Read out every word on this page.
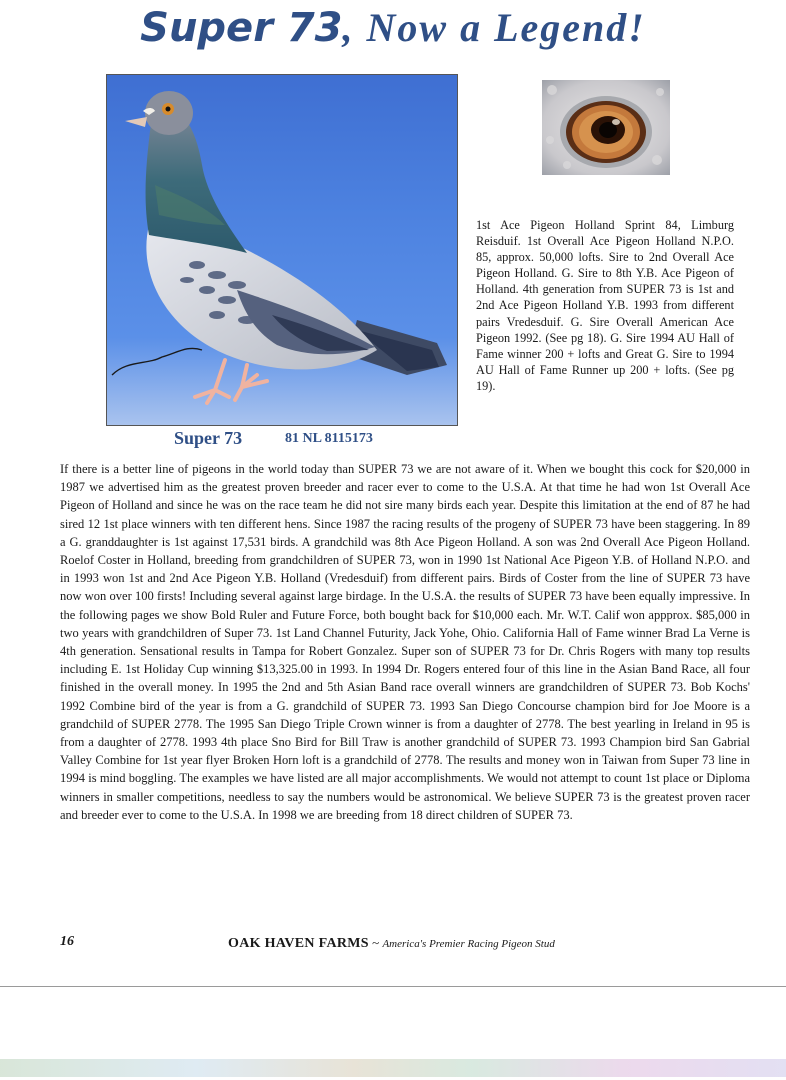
Super 73, Now a Legend!
1st Ace Pigeon Holland Sprint 84, Limburg Reisduif. 1st Overall Ace Pigeon Holland N.P.O. 85, approx. 50,000 lofts. Sire to 2nd Overall Ace Pigeon Holland. G. Sire to 8th Y.B. Ace Pigeon of Holland. 4th generation from SUPER 73 is 1st and 2nd Ace Pigeon Holland Y.B. 1993 from different pairs Vredesduif. G. Sire Overall American Ace Pigeon 1992. (See pg 18). G. Sire 1994 AU Hall of Fame winner 200 + lofts and Great G. Sire to 1994 AU Hall of Fame Runner up 200 + lofts. (See pg 19).
Super 73	81 NL 8115173
If there is a better line of pigeons in the world today than SUPER 73 we are not aware of it. When we bought this cock for $20,000 in 1987 we advertised him as the greatest proven breeder and racer ever to come to the U.S.A. At that time he had won 1st Overall Ace Pigeon of Holland and since he was on the race team he did not sire many birds each year. Despite this limitation at the end of 87 he had sired 12 1st place winners with ten different hens. Since 1987 the racing results of the progeny of SUPER 73 have been staggering. In 89 a G. granddaughter is 1st against 17,531 birds. A grandchild was 8th Ace Pigeon Holland. A son was 2nd Overall Ace Pigeon Holland. Roelof Coster in Holland, breeding from grandchildren of SUPER 73, won in 1990 1st National Ace Pigeon Y.B. of Holland N.P.O. and in 1993 won 1st and 2nd Ace Pigeon Y.B. Holland (Vredesduif) from different pairs. Birds of Coster from the line of SUPER 73 have now won over 100 firsts! Including several against large birdage. In the U.S.A. the results of SUPER 73 have been equally impressive. In the following pages we show Bold Ruler and Future Force, both bought back for $10,000 each. Mr. W.T. Calif won appprox. $85,000 in two years with grandchildren of Super 73. 1st Land Channel Futurity, Jack Yohe, Ohio. California Hall of Fame winner Brad La Verne is 4th generation. Sensational results in Tampa for Robert Gonzalez. Super son of SUPER 73 for Dr. Chris Rogers with many top results including E. 1st Holiday Cup winning $13,325.00 in 1993. In 1994 Dr. Rogers entered four of this line in the Asian Band Race, all four finished in the overall money. In 1995 the 2nd and 5th Asian Band race overall winners are grandchildren of SUPER 73. Bob Kochs' 1992 Combine bird of the year is from a G. grandchild of SUPER 73. 1993 San Diego Concourse champion bird for Joe Moore is a grandchild of SUPER 2778. The 1995 San Diego Triple Crown winner is from a daughter of 2778. The best yearling in Ireland in 95 is from a daughter of 2778. 1993 4th place Sno Bird for Bill Traw is another grandchild of SUPER 73. 1993 Champion bird San Gabrial Valley Combine for 1st year flyer Broken Horn loft is a grandchild of 2778. The results and money won in Taiwan from Super 73 line in 1994 is mind boggling. The examples we have listed are all major accomplishments. We would not attempt to count 1st place or Diploma winners in smaller competitions, needless to say the numbers would be astronomical. We believe SUPER 73 is the greatest proven racer and breeder ever to come to the U.S.A. In 1998 we are breeding from 18 direct children of SUPER 73.
16	OAK HAVEN FARMS ~ America's Premier Racing Pigeon Stud
